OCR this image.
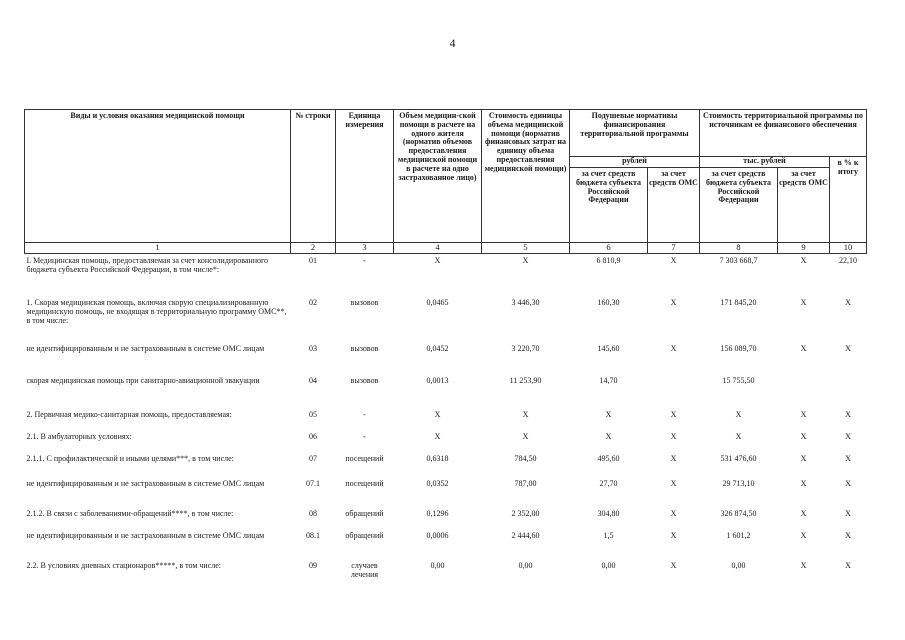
4
Виды и условия оказания медицинской помощи	№ строки	Единица измерения	Объем медицин-ской помощи в расчете на одного жителя (норматив объемов предоставления медицинской помощи в расчете на одно застрахованное лицо)	Стоимость единицы объема медицинской помощи (норматив финансовых затрат на единицу объема предоставления медицинской помощи)	Подушевые нормативы финансирования территориальной программы		Стоимость территориальной программы по источникам ее финансового обеспечения		
					рублей		тыс. рублей		в % к итогу
					за счет средств бюджета субъекта Российской Федерации	за счет средств ОМС	за счет средств бюджета субъекта Российской Федерации	за счет средств ОМС	
1	2	3	4	5	6	7	8	9	10
I. Медицинская помощь, предоставляемая за счет консолидированного бюджета субъекта Российской Федерации, в том числе*:	01	-	X	X	6 810,9	X	7 303 668,7	X	22,10
1. Скорая медицинская помощь, включая скорую специализированную медицинскую помощь, не входящая в территориальную программу ОМС**, в том числе:	02	вызовов	0,0465	3 446,30	160,30	X	171 845,20	X	X
не идентифицированным и не застрахованным в системе ОМС лицам	03	вызовов	0,0452	3 220,70	145,60	X	156 089,70	X	X
скорая медицинская помощь при санитарно-авиационной эвакуации	04	вызовов	0,0013	11 253,90	14,70		15 755,50		
2. Первичная медико-санитарная помощь, предоставляемая:	05	-	X	X	X	X	X	X	X
2.1. В амбулаторных условиях:	06	-	X	X	X	X	X	X	X
2.1.1. С профилактической и иными целями***, в том числе:	07	посещений	0,6318	784,50	495,60	X	531 476,60	X	X
не идентифицированным и не застрахованным в системе ОМС лицам	07.1	посещений	0,0352	787,00	27,70	X	29 713,10	X	X
2.1.2. В связи с заболеваниями-обращений****, в том числе:	08	обращений	0,1296	2 352,00	304,80	X	326 874,50	X	X
не идентифицированным и не застрахованным в системе ОМС лицам	08.1	обращений	0,0006	2 444,60	1,5	X	1 601,2	X	X
2.2. В условиях дневных стационаров*****, в том числе:	09	случаев лечения	0,00	0,00	0,00	X	0,00	X	X
